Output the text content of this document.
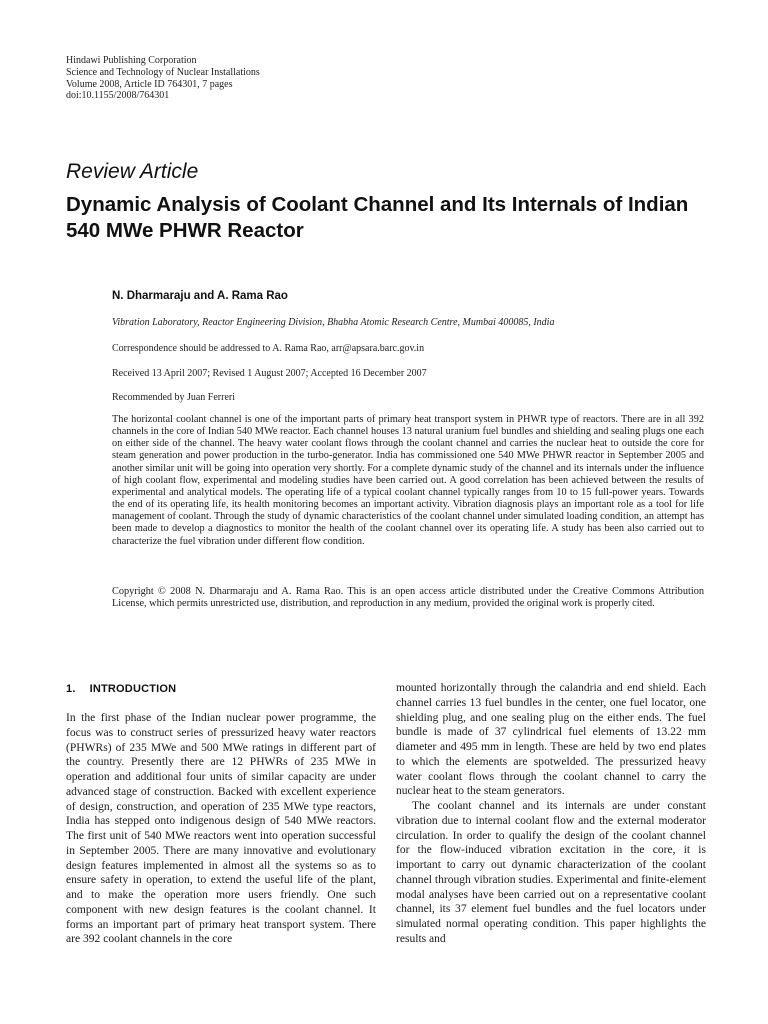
Hindawi Publishing Corporation
Science and Technology of Nuclear Installations
Volume 2008, Article ID 764301, 7 pages
doi:10.1155/2008/764301
Review Article
Dynamic Analysis of Coolant Channel and Its Internals of Indian 540 MWe PHWR Reactor
N. Dharmaraju and A. Rama Rao
Vibration Laboratory, Reactor Engineering Division, Bhabha Atomic Research Centre, Mumbai 400085, India
Correspondence should be addressed to A. Rama Rao, arr@apsara.barc.gov.in
Received 13 April 2007; Revised 1 August 2007; Accepted 16 December 2007
Recommended by Juan Ferreri

The horizontal coolant channel is one of the important parts of primary heat transport system in PHWR type of reactors. There are in all 392 channels in the core of Indian 540 MWe reactor. Each channel houses 13 natural uranium fuel bundles and shielding and sealing plugs one each on either side of the channel. The heavy water coolant flows through the coolant channel and carries the nuclear heat to outside the core for steam generation and power production in the turbo-generator. India has commissioned one 540 MWe PHWR reactor in September 2005 and another similar unit will be going into operation very shortly. For a complete dynamic study of the channel and its internals under the influence of high coolant flow, experimental and modeling studies have been carried out. A good correlation has been achieved between the results of experimental and analytical models. The operating life of a typical coolant channel typically ranges from 10 to 15 full-power years. Towards the end of its operating life, its health monitoring becomes an important activity. Vibration diagnosis plays an important role as a tool for life management of coolant. Through the study of dynamic characteristics of the coolant channel under simulated loading condition, an attempt has been made to develop a diagnostics to monitor the health of the coolant channel over its operating life. A study has been also carried out to characterize the fuel vibration under different flow condition.

Copyright © 2008 N. Dharmaraju and A. Rama Rao. This is an open access article distributed under the Creative Commons Attribution License, which permits unrestricted use, distribution, and reproduction in any medium, provided the original work is properly cited.

1. INTRODUCTION

In the first phase of the Indian nuclear power programme, the focus was to construct series of pressurized heavy water reactors (PHWRs) of 235 MWe and 500 MWe ratings in different part of the country. Presently there are 12 PHWRs of 235 MWe in operation and additional four units of similar capacity are under advanced stage of construction. Backed with excellent experience of design, construction, and operation of 235 MWe type reactors, India has stepped onto indigenous design of 540 MWe reactors. The first unit of 540 MWe reactors went into operation successful in September 2005. There are many innovative and evolutionary design features implemented in almost all the systems so as to ensure safety in operation, to extend the useful life of the plant, and to make the operation more users friendly. One such component with new design features is the coolant channel. It forms an important part of primary heat transport system. There are 392 coolant channels in the core

mounted horizontally through the calandria and end shield. Each channel carries 13 fuel bundles in the center, one fuel locator, one shielding plug, and one sealing plug on the either ends. The fuel bundle is made of 37 cylindrical fuel elements of 13.22 mm diameter and 495 mm in length. These are held by two end plates to which the elements are spotwelded. The pressurized heavy water coolant flows through the coolant channel to carry the nuclear heat to the steam generators.

The coolant channel and its internals are under constant vibration due to internal coolant flow and the external moderator circulation. In order to qualify the design of the coolant channel for the flow-induced vibration excitation in the core, it is important to carry out dynamic characterization of the coolant channel through vibration studies. Experimental and finite-element modal analyses have been carried out on a representative coolant channel, its 37 element fuel bundles and the fuel locators under simulated normal operating condition. This paper highlights the results and
